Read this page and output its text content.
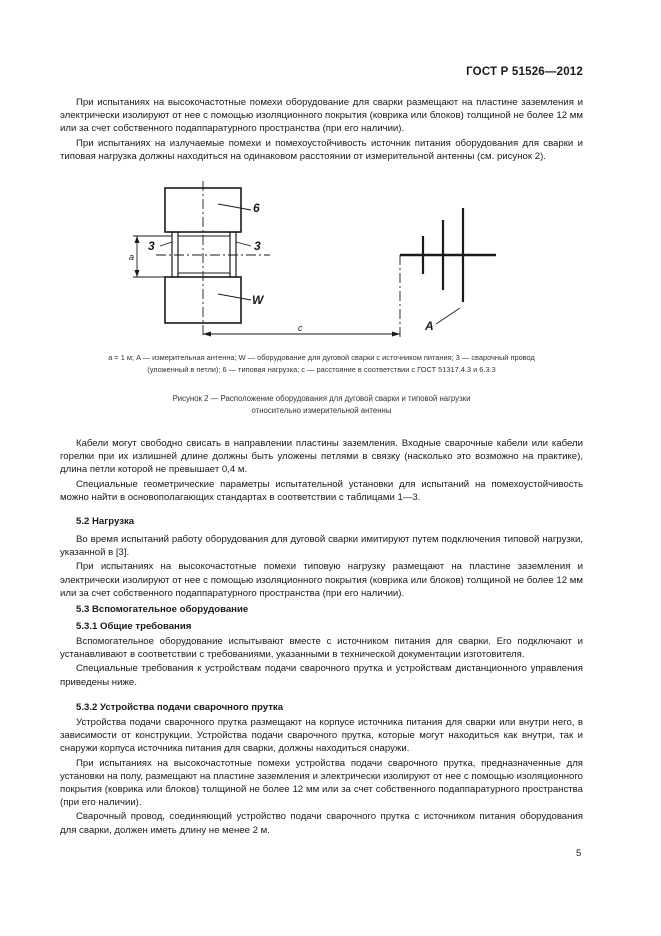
ГОСТ Р 51526—2012

При испытаниях на высокочастотные помехи оборудование для сварки размещают на пластине заземления и электрически изолируют от нее с помощью изоляционного покрытия (коврика или блоков) толщиной не более 12 мм или за счет собственного подаппаратурного пространства (при его наличии).

При испытаниях на излучаемые помехи и помехоустойчивость источник питания оборудования для сварки и типовая нагрузка должны находиться на одинаковом расстоянии от измерительной антенны (см. рисунок 2).

6
W
3	3
A
a
c
a = 1 м; A — измерительная антенна; W — оборудование для дуговой сварки с источником питания; 3 — сварочный провод
(уложенный в петли); 6 — типовая нагрузка; c — расстояние в соответствии с ГОСТ 51317.4.3 и 6.3.3
Рисунок 2 — Расположение оборудования для дуговой сварки и типовой нагрузки
относительно измерительной антенны

Кабели могут свободно свисать в направлении пластины заземления. Входные сварочные кабели или кабели горелки при их излишней длине должны быть уложены петлями в связку (насколько это возможно на практике), длина петли которой не превышает 0,4 м.

Специальные геометрические параметры испытательной установки для испытаний на помехоустойчивость можно найти в основополагающих стандартах в соответствии с таблицами 1—3.

5.2 Нагрузка

Во время испытаний работу оборудования для дуговой сварки имитируют путем подключения типовой нагрузки, указанной в [3].

При испытаниях на высокочастотные помехи типовую нагрузку размещают на пластине заземления и электрически изолируют от нее с помощью изоляционного покрытия (коврика или блоков) толщиной не более 12 мм или за счет собственного подаппаратурного пространства (при его наличии).

5.3 Вспомогательное оборудование
5.3.1 Общие требования

Вспомогательное оборудование испытывают вместе с источником питания для сварки. Его подключают и устанавливают в соответствии с требованиями, указанными в технической документации изготовителя.

Специальные требования к устройствам подачи сварочного прутка и устройствам дистанционного управления приведены ниже.

5.3.2 Устройства подачи сварочного прутка

Устройства подачи сварочного прутка размещают на корпусе источника питания для сварки или внутри него, в зависимости от конструкции. Устройства подачи сварочного прутка, которые могут находиться как внутри, так и снаружи корпуса источника питания для сварки, должны находиться снаружи.

При испытаниях на высокочастотные помехи устройства подачи сварочного прутка, предназначенные для установки на полу, размещают на пластине заземления и электрически изолируют от нее с помощью изоляционного покрытия (коврика или блоков) толщиной не более 12 мм или за счет собственного подаппаратурного пространства (при его наличии).

Сварочный провод, соединяющий устройство подачи сварочного прутка с источником питания оборудования для сварки, должен иметь длину не менее 2 м.

5
